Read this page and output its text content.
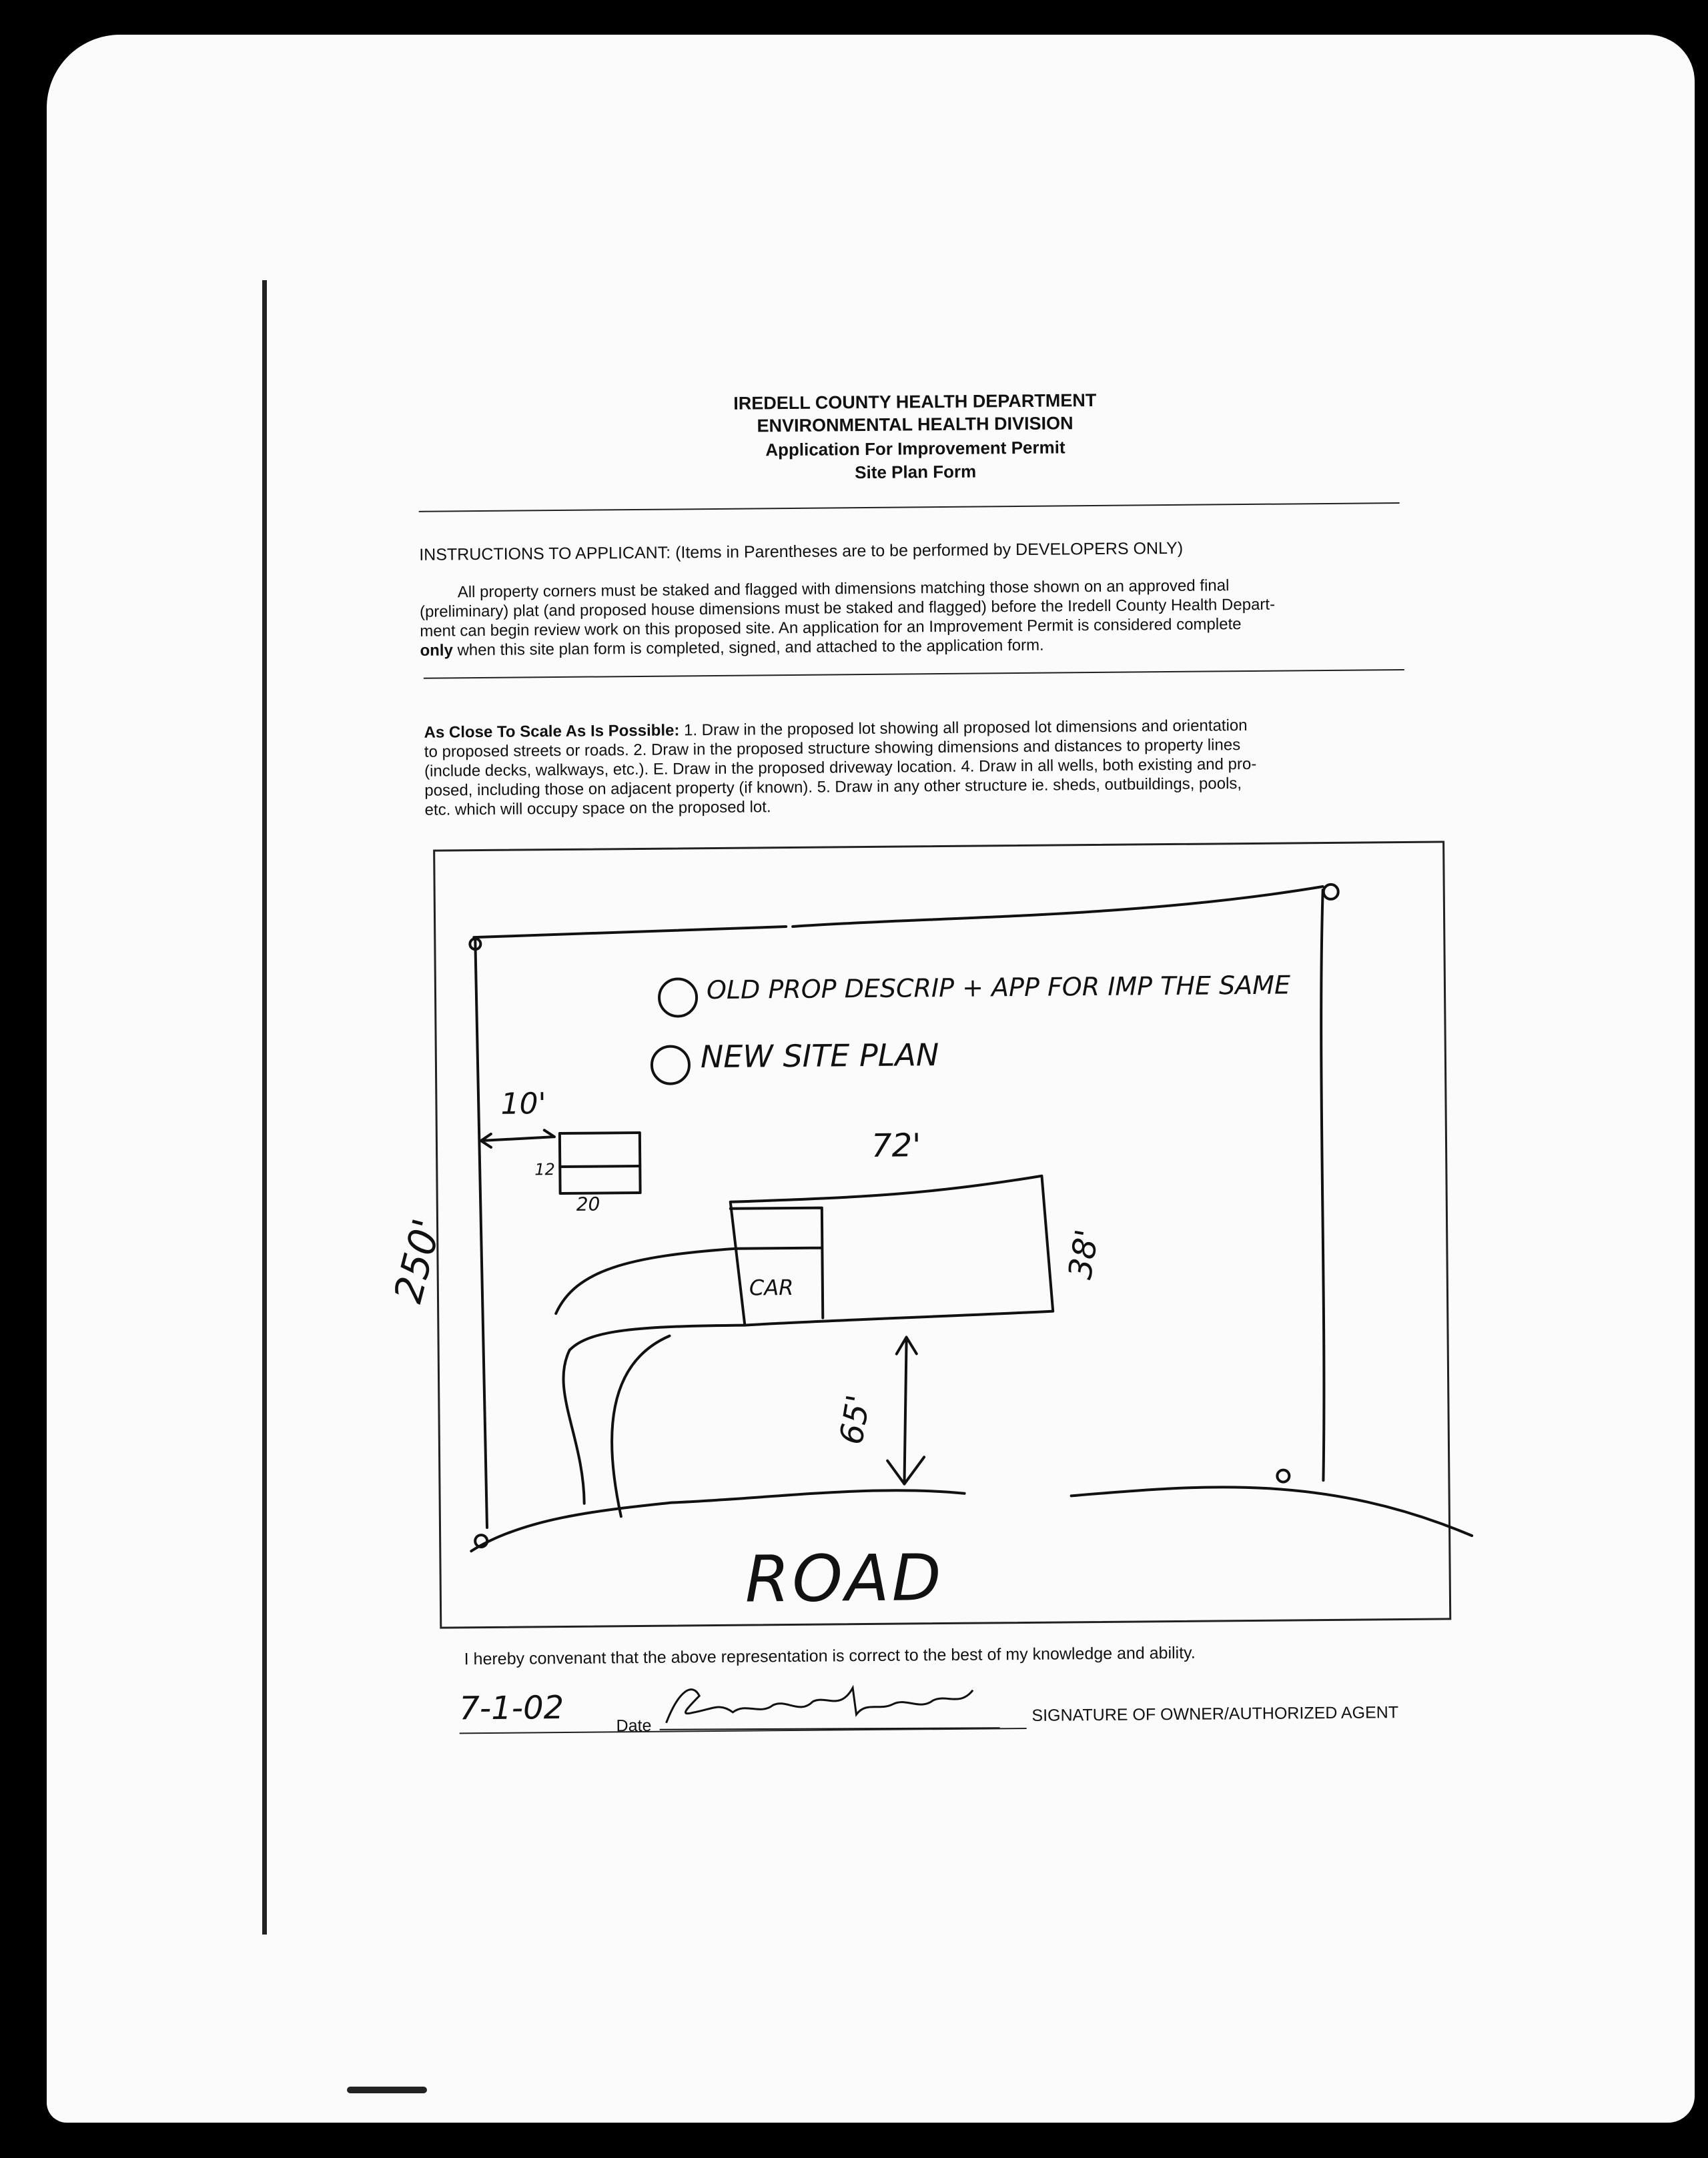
IREDELL COUNTY HEALTH DEPARTMENT
ENVIRONMENTAL HEALTH DIVISION
Application For Improvement Permit
Site Plan Form
INSTRUCTIONS TO APPLICANT: (Items in Parentheses are to be performed by DEVELOPERS ONLY)
All property corners must be staked and flagged with dimensions matching those shown on an approved final
(preliminary) plat (and proposed house dimensions must be staked and flagged) before the Iredell County Health Depart-
ment can begin review work on this proposed site. An application for an Improvement Permit is considered complete
only when this site plan form is completed, signed, and attached to the application form.
As Close To Scale As Is Possible: 1. Draw in the proposed lot showing all proposed lot dimensions and orientation
to proposed streets or roads. 2. Draw in the proposed structure showing dimensions and distances to property lines
(include decks, walkways, etc.). E. Draw in the proposed driveway location. 4. Draw in all wells, both existing and pro-
posed, including those on adjacent property (if known). 5. Draw in any other structure ie. sheds, outbuildings, pools,
etc. which will occupy space on the proposed lot.
OLD PROP DESCRIP + APP FOR IMP THE SAME
NEW SITE PLAN
10'
72'
38'
250'
65'
20
12
CAR
ROAD
I hereby convenant that the above representation is correct to the best of my knowledge and ability.
7-1-02	Date
SIGNATURE OF OWNER/AUTHORIZED AGENT
